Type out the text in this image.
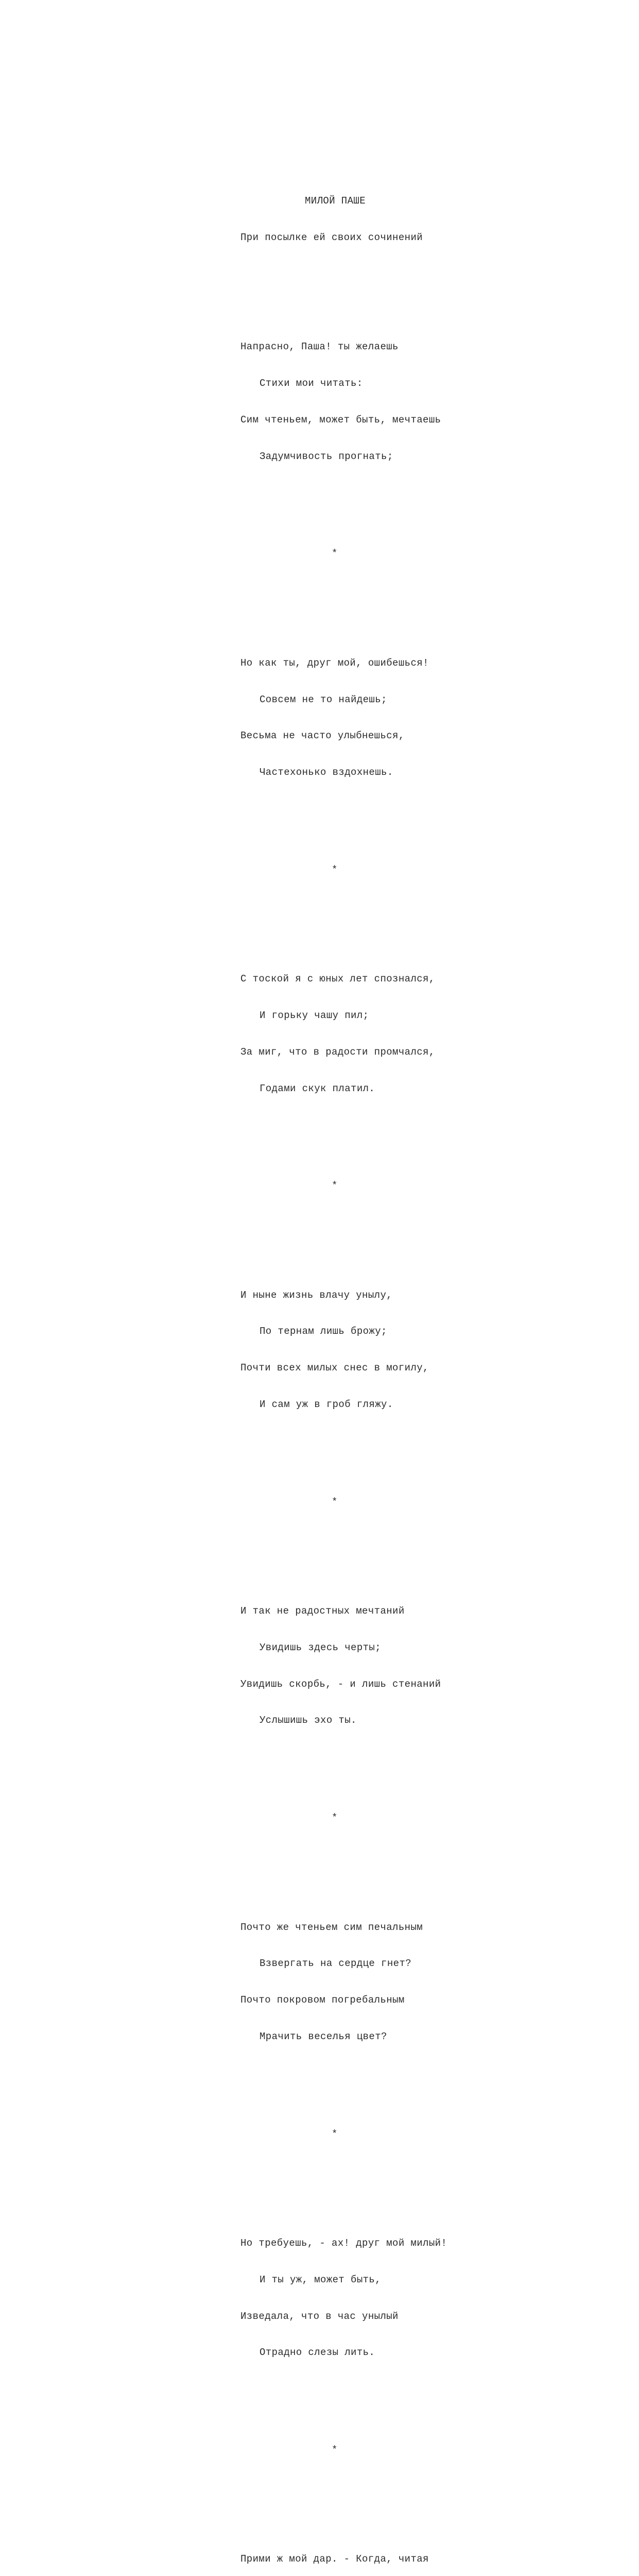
МИЛОЙ ПАШЕ

При посылке ей своих сочинений

Напрасно, Паша! ты желаешь

Стихи мои читать:

Сим чтеньем, может быть, мечтаешь

Задумчивость прогнать;

*

Но как ты, друг мой, ошибешься!

Совсем не то найдешь;

Весьма не часто улыбнешься,

Частехонько вздохнешь.

*

С тоской я с юных лет спознался,

И горьку чашу пил;

За миг, что в радости промчался,

Годами скук платил.

*

И ныне жизнь влачу унылу,

По тернам лишь брожу;

Почти всех милых снес в могилу,

И сам уж в гроб гляжу.

*

И так не радостных мечтаний

Увидишь здесь черты;

Увидишь скорбь, - и лишь стенаний

Услышишь эхо ты.

*

Почто же чтеньем сим печальным

Взвергать на сердце гнет?

Почто покровом погребальным

Мрачить веселья цвет?

*

Но требуешь, - ах! друг мой милый!

И ты уж, может быть,

Изведала, что в час унылый

Отрадно слезы лить.

*

Прими ж мой дар. - Когда, читая
